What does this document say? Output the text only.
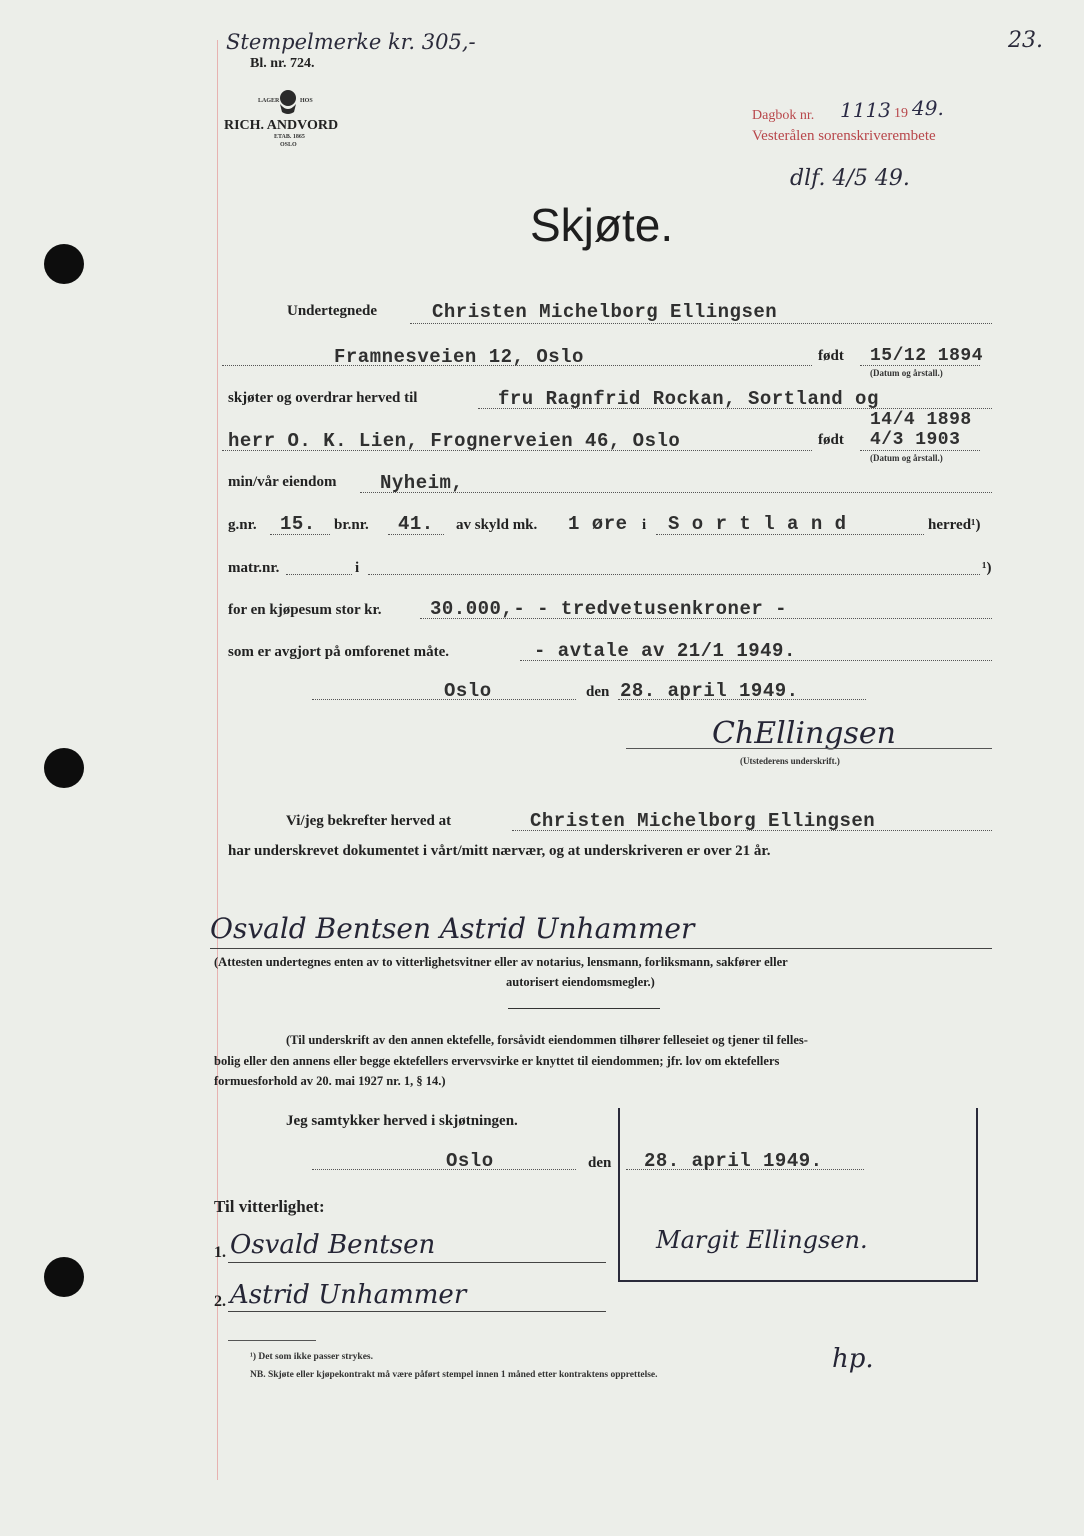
Stempelmerke kr. 305,-
Bl. nr. 724.
LAGER	HOS
RICH. ANDVORD
ETAB. 1865
OSLO
23.
Dagbok nr. 1113 19 49.
Vesterålen sorenskriverembete
dlf. 4/5 49.
Skjøte.
Undertegnede	Christen Michelborg Ellingsen
Framnesveien 12, Oslo	født 15/12 1894
(Datum og årstall.)
skjøter og overdrar herved til	fru Ragnfrid Rockan, Sortland og
14/4 1898
herr O. K. Lien, Frognerveien 46, Oslo	født 4/3 1903
(Datum og årstall.)
min/vår eiendom Nyheim,
g.nr. 15. br.nr. 41. av skyld mk. 1 øre i S o r t l a n d	herred¹)
matr.nr.	i	¹)
for en kjøpesum stor kr.	30.000,- - tredvetusenkroner -
som er avgjort på omforenet måte.	- avtale av 21/1 1949.
Oslo	den 28. april 1949.
ChEllingsen
(Utstederens underskrift.)
Vi/jeg bekrefter herved at	Christen Michelborg Ellingsen
har underskrevet dokumentet i vårt/mitt nærvær, og at underskriveren er over 21 år.
Osvald Bentsen Astrid Unhammer
(Attesten undertegnes enten av to vitterlighetsvitner eller av notarius, lensmann, forliksmann, sakfører eller
autorisert eiendomsmegler.)
(Til underskrift av den annen ektefelle, forsåvidt eiendommen tilhører felleseiet og tjener til felles-
bolig eller den annens eller begge ektefellers ervervsvirke er knyttet til eiendommen; jfr. lov om ektefellers
formuesforhold av 20. mai 1927 nr. 1, § 14.)
Jeg samtykker herved i skjøtningen.
Oslo	den 28. april 1949.
Til vitterlighet:
1. Osvald Bentsen	Margit Ellingsen.
2. Astrid Unhammer
¹) Det som ikke passer strykes.
NB. Skjøte eller kjøpekontrakt må være påført stempel innen 1 måned etter kontraktens opprettelse.
hp.
